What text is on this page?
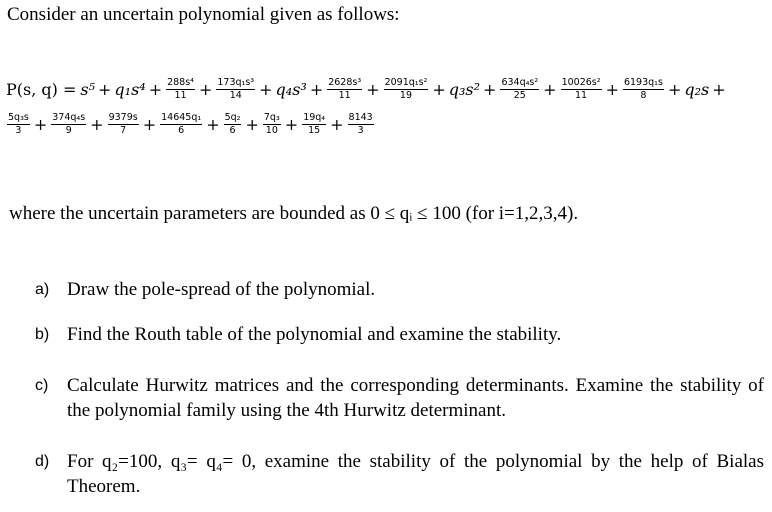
Consider an uncertain polynomial given as follows:
P(s, $q) = s^5 + q_1s^4 + \frac{\text{288s⁴}}{11} + \frac{\text{173q₁s³}}{14} + q_4s^3 + \frac{\text{2628s³}}{11} + \frac{\text{2091q₁s²}}{19} + q_3s^2 + \frac{\text{634q₄s²}}{25} + \frac{\text{10026s²}}{11} + \frac{\text{6193q₁s}}{8} + q_2s$ +
$\frac{\text{5q₃s}}{3} + \frac{\text{374q₄s}}{9} + \frac{9379s}{7} + \frac{\text{14645q₁}}{6} + \frac{\text{5q₂}}{6} + \frac{\text{7q₃}}{10} + \frac{\text{19q₄}}{15} + \frac{8143}{3}$
where the uncertain parameters are bounded as 0 ≤ qᵢ ≤ 100 (for i=1,2,3,4).
a) Draw the pole-spread of the polynomial.
b) Find the Routh table of the polynomial and examine the stability.
c) Calculate Hurwitz matrices and the corresponding determinants. Examine the stability of the polynomial family using the 4th Hurwitz determinant.
d) For q₂=100, q₃= q₄= 0, examine the stability of the polynomial by the help of Bialas Theorem.
